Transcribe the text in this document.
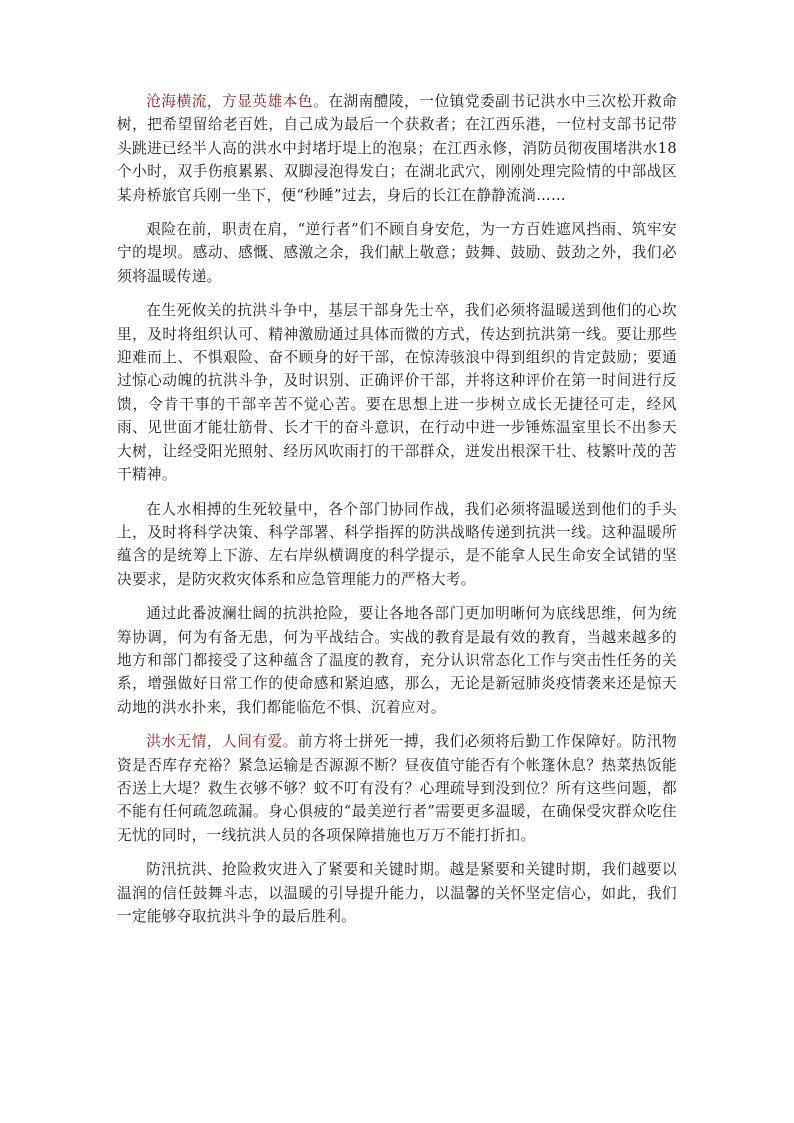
沧海横流，方显英雄本色。在湖南醴陵，一位镇党委副书记洪水中三次松开救命树，把希望留给老百姓，自己成为最后一个获救者；在江西乐港，一位村支部书记带头跳进已经半人高的洪水中封堵圩堤上的泡泉；在江西永修，消防员彻夜围堵洪水18个小时，双手伤痕累累、双脚浸泡得发白；在湖北武穴，刚刚处理完险情的中部战区某舟桥旅官兵刚一坐下，便“秒睡”过去，身后的长江在静静流淌……

艰险在前，职责在肩，“逆行者”们不顾自身安危，为一方百姓遮风挡雨、筑牢安宁的堤坝。感动、感慨、感激之余，我们献上敬意；鼓舞、鼓励、鼓劲之外，我们必须将温暖传递。

在生死攸关的抗洪斗争中，基层干部身先士卒，我们必须将温暖送到他们的心坎里，及时将组织认可、精神激励通过具体而微的方式，传达到抗洪第一线。要让那些迎难而上、不惧艰险、奋不顾身的好干部，在惊涛骇浪中得到组织的肯定鼓励；要通过惊心动魄的抗洪斗争，及时识别、正确评价干部，并将这种评价在第一时间进行反馈，令肯干事的干部辛苦不觉心苦。要在思想上进一步树立成长无捷径可走，经风雨、见世面才能壮筋骨、长才干的奋斗意识，在行动中进一步锤炼温室里长不出参天大树，让经受阳光照射、经历风吹雨打的干部群众，迸发出根深干壮、枝繁叶茂的苦干精神。

在人水相搏的生死较量中，各个部门协同作战，我们必须将温暖送到他们的手头上，及时将科学决策、科学部署、科学指挥的防洪战略传递到抗洪一线。这种温暖所蕴含的是统筹上下游、左右岸纵横调度的科学提示，是不能拿人民生命安全试错的坚决要求，是防灾救灾体系和应急管理能力的严格大考。

通过此番波澜壮阔的抗洪抢险，要让各地各部门更加明晰何为底线思维，何为统筹协调，何为有备无患，何为平战结合。实战的教育是最有效的教育，当越来越多的地方和部门都接受了这种蕴含了温度的教育，充分认识常态化工作与突击性任务的关系，增强做好日常工作的使命感和紧迫感，那么，无论是新冠肺炎疫情袭来还是惊天动地的洪水扑来，我们都能临危不惧、沉着应对。

洪水无情，人间有爱。前方将士拼死一搏，我们必须将后勤工作保障好。防汛物资是否库存充裕？紧急运输是否源源不断？昼夜值守能否有个帐篷休息？热菜热饭能否送上大堤？救生衣够不够？蚊不叮有没有？心理疏导到没到位？所有这些问题，都不能有任何疏忽疏漏。身心俱疲的“最美逆行者”需要更多温暖，在确保受灾群众吃住无忧的同时，一线抗洪人员的各项保障措施也万万不能打折扣。

防汛抗洪、抢险救灾进入了紧要和关键时期。越是紧要和关键时期，我们越要以温润的信任鼓舞斗志，以温暖的引导提升能力，以温馨的关怀坚定信心，如此，我们一定能够夺取抗洪斗争的最后胜利。
